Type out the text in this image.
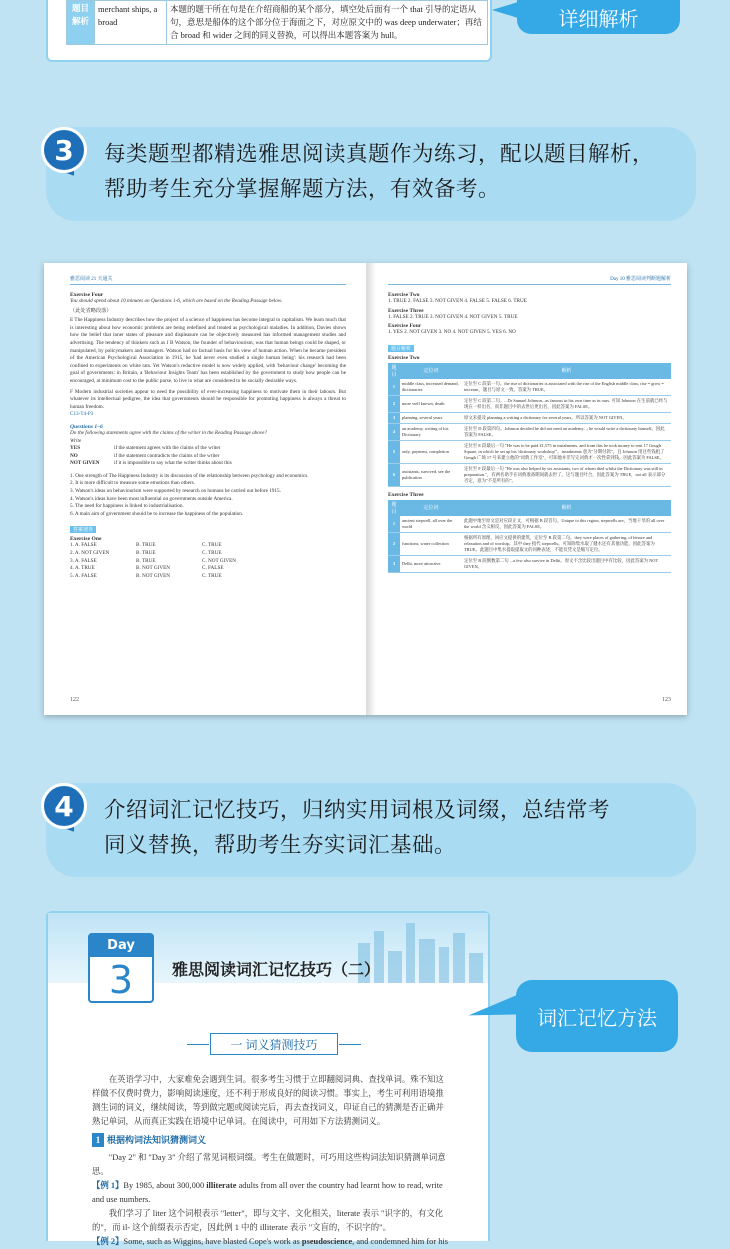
题目
解析	merchant ships, a broad	本题的题干所在句是在介绍商船的某个部分，填空处后面有一个 that 引导的定语从句，意思是船体的这个部分位于海面之下，对应原文中的 was deep underwater；再结合 broad 和 wider 之间的同义替换，可以得出本题答案为 hull。
详细解析
3	每类题型都精选雅思阅读真题作为练习，配以题目解析，
帮助考生充分掌握解题方法，有效备考。
雅思阅读 21 天通关
Exercise Four
You should spend about 10 minutes on Questions 1-6, which are based on the Reading Passage below.
（此处省略段落）
E The Happiness Industry describes how the project of a science of happiness has become integral to capitalism. We learn much that is interesting about how economic problems are being redefined and treated as psychological maladies. In addition, Davies shows how the belief that inner states of pleasure and displeasure can be objectively measured has informed management studies and advertising. The tendency of thinkers such as J B Watson, the founder of behaviourism, was that human beings could be shaped, or manipulated, by policymakers and managers. Watson had no factual basis for his view of human action. When he became president of the American Psychological Association in 1915, he 'had never even studied a single human being': his research had been confined to experiments on white rats. Yet Watson's reductive model is now widely applied, with 'behaviour change' becoming the goal of governments: in Britain, a 'Behaviour Insights Team' has been established by the government to study how people can be encouraged, at minimum cost to the public purse, to live in what are considered to be socially desirable ways.
F Modern industrial societies appear to need the possibility of ever-increasing happiness to motivate them in their labours. But whatever its intellectual pedigree, the idea that governments should be responsible for promoting happiness is always a threat to human freedom.
C13-T4-P3
Questions 1–6
Do the following statements agree with the claims of the writer in the Reading Passage above?
Write
YES	if the statement agrees with the claims of the writer
NO	if the statement contradicts the claims of the writer
NOT GIVEN	if it is impossible to say what the writer thinks about this
1. One strength of The Happiness Industry is its discussion of the relationship between psychology and economics.
2. It is more difficult to measure some emotions than others.
3. Watson's ideas on behaviourism were supported by research on humans he carried out before 1915.
4. Watson's ideas have been most influential on governments outside America.
5. The need for happiness is linked to industrialisation.
6. A main aim of government should be to increase the happiness of the population.
答案速查
Exercise One
1. A. FALSE	B. TRUE	C. TRUE
2. A. NOT GIVEN	B. TRUE	C. TRUE
3. A. FALSE	B. TRUE	C. NOT GIVEN
4. A. TRUE	B. NOT GIVEN	C. FALSE
5. A. FALSE	B. NOT GIVEN	C. TRUE
122
Day 10 雅思阅读判断题解析
Exercise Two
1. TRUE 2. FALSE 3. NOT GIVEN 4. FALSE 5. FALSE 6. TRUE
Exercise Three
1. FALSE 2. TRUE 3. NOT GIVEN 4. NOT GIVEN 5. TRUE
Exercise Four
1. YES 2. NOT GIVEN 3. NO 4. NOT GIVEN 5. YES 6. NO
题目解析
Exercise Two
题目	定位词	解析
1	middle class, increased demand, dictionaries	定位至 C 段第一句。the rise of dictionaries is associated with the rise of the English middle class, rise = grow = increase，题目与原文一致，答案为 TRUE。
2	more well known, death	定位至 C 段第二句。...Dr Samuel Johnson...as famous in his own time as in ours. 可知 Johnson 在生前就已经与现在一样出名，而非题目中的去世后更出名，因此答案为 FALSE。
3	planning, several years	原文未提及 planning a writing a dictionary for several years，所以答案为 NOT GIVEN。
4	an academy, writing of his Dictionary	定位至 D 段第四句。Johnson decided he did not need an academy...; he would write a dictionary himself。因此答案为 FALSE。
5	only, payment, completion	定位至 E 段最后一句 "He was to be paid £1,575 in instalments, and from this he took money to rent 17 Gough Square, in which he set up his 'dictionary workshop'"。instalments 意为"分期付款"，且 Johnson 用这些钱租了 Gough 广场 17 号来建立他的"词典工作室"，可知他并非写完词典才一次性拿到钱。因此答案为 FALSE。
6	assistants, survived, see the publication	定位至 F 段最后一句 "He was also helped by six assistants, two of whom died whilst the Dictionary was still in preparation."，有两名助手在词典准备期间就去世了，这与题目叶合，因此答案为 TRUE，not all 表示部分否定，意为"不是所有的"。
Exercise Three
题目	定位词	解析
1	ancient stepwell, all over the world	此题中地至原文是对应段正文，可根据 B 段首句。Unique to this region, stepwells are，当地干旱的 all over the world 含义相反，因此答案为 FALSE。
2	functions, water collection	根据所有原理，回应文提供的建筑，定位至 B 段第二句。they were places of gathering, of leisure and relaxation and of worship。其中 they 指代 stepwells。可知除集水取了健水还有其他功能，因此答案为 TRUE。此题目中集水提取提取文的同种表述，不能仅凭文是缩写定位。
3	Delhi, more attractive	定位至 B 段倒数第二句 ...a few also survive in Delhi。原文不含比较出题目中有比较，因此答案为 NOT GIVEN。
123
4	介绍词汇记忆技巧，归纳实用词根及词缀，总结常考
同义替换，帮助考生夯实词汇基础。
Day
3	雅思阅读词汇记忆技巧（二）
一 词义猜测技巧

在英语学习中，大家难免会遇到生词。很多考生习惯于立即翻阅词典、查找单词。殊不知这样做不仅费时费力，影响阅读速度，还不利于形成良好的阅读习惯。事实上，考生可利用语境推测生词的词义，继续阅读，等到做完题或阅读完后，再去查找词义，印证自己的猜测是否正确并熟记单词，从而真正实践在语境中记单词。在阅读中，可用如下方法猜测词义。

1 根据构词法知识猜测词义

"Day 2" 和 "Day 3" 介绍了常见词根词缀。考生在做题时，可巧用这些构词法知识猜测单词意思。

【例 1】By 1985, about 300,000 illiterate adults from all over the country had learnt how to read, write and use numbers.

我们学习了 liter 这个词根表示 "letter"，即与文字、文化相关，literate 表示 "识字的，有文化的"，而 il- 这个前缀表示否定，因此例 1 中的 illiterate 表示 "文盲的，不识字的"。

【例 2】Some, such as Wiggins, have blasted Cope's work as pseudoscience, and condemned him for his
词汇记忆方法
